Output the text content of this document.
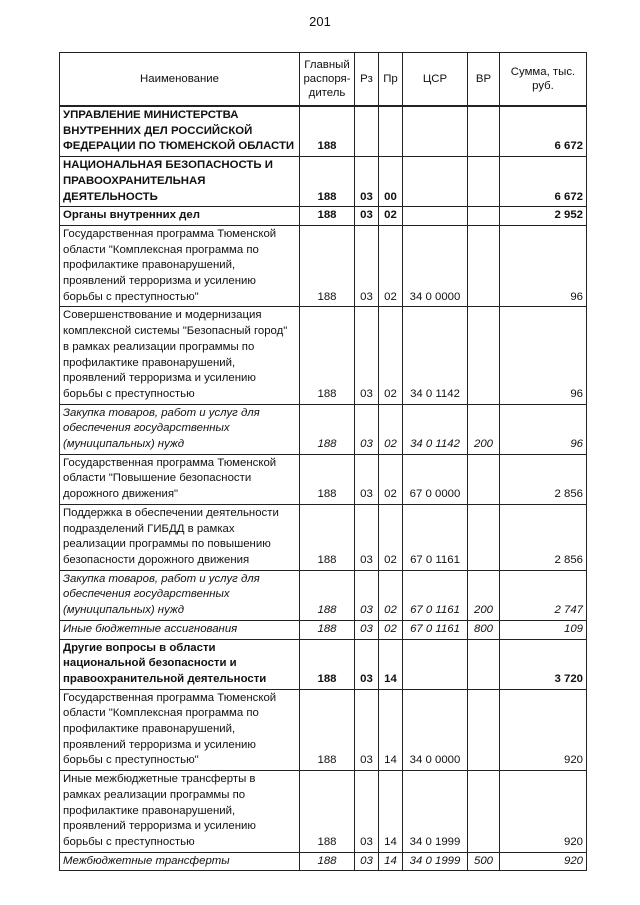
201
Наименование	Главный распоря- дитель	Рз	Пр	ЦСР	ВР	Сумма, тыс. руб.
УПРАВЛЕНИЕ МИНИСТЕРСТВА ВНУТРЕННИХ ДЕЛ РОССИЙСКОЙ ФЕДЕРАЦИИ ПО ТЮМЕНСКОЙ ОБЛАСТИ	188					6 672
НАЦИОНАЛЬНАЯ БЕЗОПАСНОСТЬ И ПРАВООХРАНИТЕЛЬНАЯ ДЕЯТЕЛЬНОСТЬ	188	03	00			6 672
Органы внутренних дел	188	03	02			2 952
Государственная программа Тюменской области "Комплексная программа по профилактике правонарушений, проявлений терроризма и усилению борьбы с преступностью"	188	03	02	34 0 0000		96
Совершенствование и модернизация комплексной системы "Безопасный город" в рамках реализации программы по профилактике правонарушений, проявлений терроризма и усилению борьбы с преступностью	188	03	02	34 0 1142		96
Закупка товаров, работ и услуг для обеспечения государственных (муниципальных) нужд	188	03	02	34 0 1142	200	96
Государственная программа Тюменской области "Повышение безопасности дорожного движения"	188	03	02	67 0 0000		2 856
Поддержка в обеспечении деятельности подразделений ГИБДД в рамках реализации программы по повышению безопасности дорожного движения	188	03	02	67 0 1161		2 856
Закупка товаров, работ и услуг для обеспечения государственных (муниципальных) нужд	188	03	02	67 0 1161	200	2 747
Иные бюджетные ассигнования	188	03	02	67 0 1161	800	109
Другие вопросы в области национальной безопасности и правоохранительной деятельности	188	03	14			3 720
Государственная программа Тюменской области "Комплексная программа по профилактике правонарушений, проявлений терроризма и усилению борьбы с преступностью"	188	03	14	34 0 0000		920
Иные межбюджетные трансферты в рамках реализации программы по профилактике правонарушений, проявлений терроризма и усилению борьбы с преступностью	188	03	14	34 0 1999		920
Межбюджетные трансферты	188	03	14	34 0 1999	500	920
